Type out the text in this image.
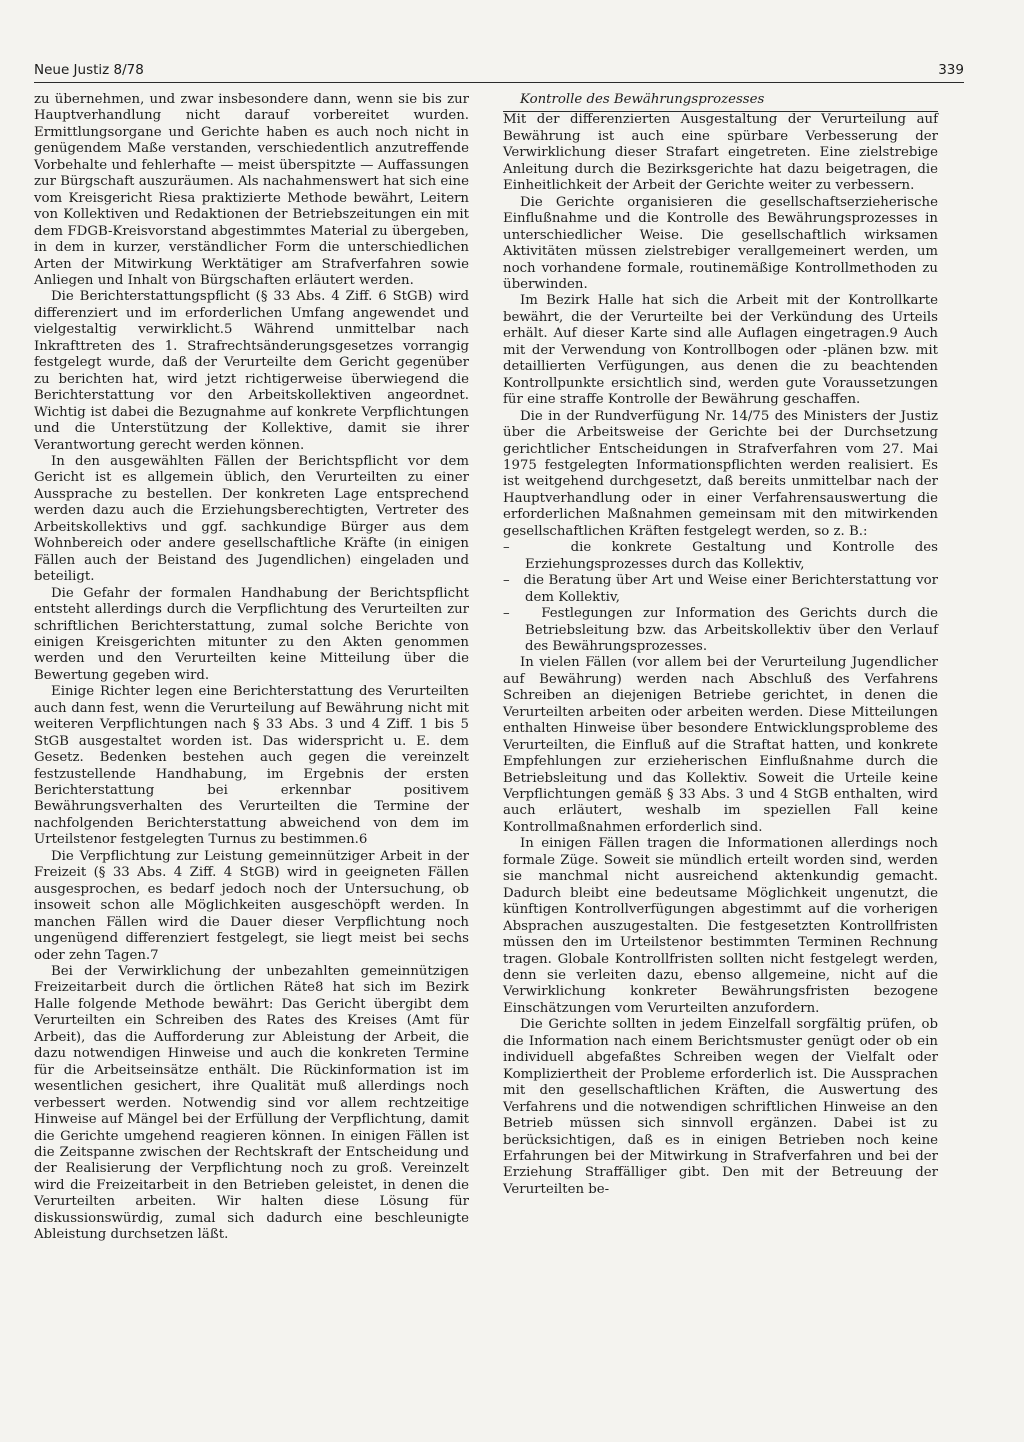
Neue Justiz 8/78	339

zu übernehmen, und zwar insbesondere dann, wenn sie bis zur Hauptverhandlung nicht darauf vorbereitet wurden. Ermittlungsorgane und Gerichte haben es auch noch nicht in genügendem Maße verstanden, verschiedentlich anzutreffende Vorbehalte und fehlerhafte — meist überspitzte — Auffassungen zur Bürgschaft auszuräumen. Als nachahmenswert hat sich eine vom Kreisgericht Riesa praktizierte Methode bewährt, Leitern von Kollektiven und Redaktionen der Betriebszeitungen ein mit dem FDGB-Kreisvorstand abgestimmtes Material zu übergeben, in dem in kurzer, verständlicher Form die unterschiedlichen Arten der Mitwirkung Werktätiger am Strafverfahren sowie Anliegen und Inhalt von Bürgschaften erläutert werden.

Die Berichterstattungspflicht (§ 33 Abs. 4 Ziff. 6 StGB) wird differenziert und im erforderlichen Umfang angewendet und vielgestaltig verwirklicht.5 Während unmittelbar nach Inkrafttreten des 1. Strafrechtsänderungsgesetzes vorrangig festgelegt wurde, daß der Verurteilte dem Gericht gegenüber zu berichten hat, wird jetzt richtigerweise überwiegend die Berichterstattung vor den Arbeitskollektiven angeordnet. Wichtig ist dabei die Bezugnahme auf konkrete Verpflichtungen und die Unterstützung der Kollektive, damit sie ihrer Verantwortung gerecht werden können.

In den ausgewählten Fällen der Berichtspflicht vor dem Gericht ist es allgemein üblich, den Verurteilten zu einer Aussprache zu bestellen. Der konkreten Lage entsprechend werden dazu auch die Erziehungsberechtigten, Vertreter des Arbeitskollektivs und ggf. sachkundige Bürger aus dem Wohnbereich oder andere gesellschaftliche Kräfte (in einigen Fällen auch der Beistand des Jugendlichen) eingeladen und beteiligt.

Die Gefahr der formalen Handhabung der Berichtspflicht entsteht allerdings durch die Verpflichtung des Verurteilten zur schriftlichen Berichterstattung, zumal solche Berichte von einigen Kreisgerichten mitunter zu den Akten genommen werden und den Verurteilten keine Mitteilung über die Bewertung gegeben wird.

Einige Richter legen eine Berichterstattung des Verurteilten auch dann fest, wenn die Verurteilung auf Bewährung nicht mit weiteren Verpflichtungen nach § 33 Abs. 3 und 4 Ziff. 1 bis 5 StGB ausgestaltet worden ist. Das widerspricht u. E. dem Gesetz. Bedenken bestehen auch gegen die vereinzelt festzustellende Handhabung, im Ergebnis der ersten Berichterstattung bei erkennbar positivem Bewährungsverhalten des Verurteilten die Termine der nachfolgenden Berichterstattung abweichend von dem im Urteilstenor festgelegten Turnus zu bestimmen.6

Die Verpflichtung zur Leistung gemeinnütziger Arbeit in der Freizeit (§ 33 Abs. 4 Ziff. 4 StGB) wird in geeigneten Fällen ausgesprochen, es bedarf jedoch noch der Untersuchung, ob insoweit schon alle Möglichkeiten ausgeschöpft werden. In manchen Fällen wird die Dauer dieser Verpflichtung noch ungenügend differenziert festgelegt, sie liegt meist bei sechs oder zehn Tagen.7

Bei der Verwirklichung der unbezahlten gemeinnützigen Freizeitarbeit durch die örtlichen Räte8 hat sich im Bezirk Halle folgende Methode bewährt: Das Gericht übergibt dem Verurteilten ein Schreiben des Rates des Kreises (Amt für Arbeit), das die Aufforderung zur Ableistung der Arbeit, die dazu notwendigen Hinweise und auch die konkreten Termine für die Arbeitseinsätze enthält. Die Rückinformation ist im wesentlichen gesichert, ihre Qualität muß allerdings noch verbessert werden. Notwendig sind vor allem rechtzeitige Hinweise auf Mängel bei der Erfüllung der Verpflichtung, damit die Gerichte umgehend reagieren können. In einigen Fällen ist die Zeitspanne zwischen der Rechtskraft der Entscheidung und der Realisierung der Verpflichtung noch zu groß. Vereinzelt wird die Freizeitarbeit in den Betrieben geleistet, in denen die Verurteilten arbeiten. Wir halten diese Lösung für diskussionswürdig, zumal sich dadurch eine beschleunigte Ableistung durchsetzen läßt.

Kontrolle des Bewährungsprozesses

Mit der differenzierten Ausgestaltung der Verurteilung auf Bewährung ist auch eine spürbare Verbesserung der Verwirklichung dieser Strafart eingetreten. Eine zielstrebige Anleitung durch die Bezirksgerichte hat dazu beigetragen, die Einheitlichkeit der Arbeit der Gerichte weiter zu verbessern.

Die Gerichte organisieren die gesellschaftserzieherische Einflußnahme und die Kontrolle des Bewährungsprozesses in unterschiedlicher Weise. Die gesellschaftlich wirksamen Aktivitäten müssen zielstrebiger verallgemeinert werden, um noch vorhandene formale, routinemäßige Kontrollmethoden zu überwinden.

Im Bezirk Halle hat sich die Arbeit mit der Kontrollkarte bewährt, die der Verurteilte bei der Verkündung des Urteils erhält. Auf dieser Karte sind alle Auflagen eingetragen.9 Auch mit der Verwendung von Kontrollbogen oder -plänen bzw. mit detaillierten Verfügungen, aus denen die zu beachtenden Kontrollpunkte ersichtlich sind, werden gute Voraussetzungen für eine straffe Kontrolle der Bewährung geschaffen.

Die in der Rundverfügung Nr. 14/75 des Ministers der Justiz über die Arbeitsweise der Gerichte bei der Durchsetzung gerichtlicher Entscheidungen in Strafverfahren vom 27. Mai 1975 festgelegten Informationspflichten werden realisiert. Es ist weitgehend durchgesetzt, daß bereits unmittelbar nach der Hauptverhandlung oder in einer Verfahrensauswertung die erforderlichen Maßnahmen gemeinsam mit den mitwirkenden gesellschaftlichen Kräften festgelegt werden, so z. B.:

–   die konkrete Gestaltung und Kontrolle des Erziehungsprozesses durch das Kollektiv,
–   die Beratung über Art und Weise einer Berichterstattung vor dem Kollektiv,
–   Festlegungen zur Information des Gerichts durch die Betriebsleitung bzw. das Arbeitskollektiv über den Verlauf des Bewährungsprozesses.

In vielen Fällen (vor allem bei der Verurteilung Jugendlicher auf Bewährung) werden nach Abschluß des Verfahrens Schreiben an diejenigen Betriebe gerichtet, in denen die Verurteilten arbeiten oder arbeiten werden. Diese Mitteilungen enthalten Hinweise über besondere Entwicklungsprobleme des Verurteilten, die Einfluß auf die Straftat hatten, und konkrete Empfehlungen zur erzieherischen Einflußnahme durch die Betriebsleitung und das Kollektiv. Soweit die Urteile keine Verpflichtungen gemäß § 33 Abs. 3 und 4 StGB enthalten, wird auch erläutert, weshalb im speziellen Fall keine Kontrollmaßnahmen erforderlich sind.

In einigen Fällen tragen die Informationen allerdings noch formale Züge. Soweit sie mündlich erteilt worden sind, werden sie manchmal nicht ausreichend aktenkundig gemacht. Dadurch bleibt eine bedeutsame Möglichkeit ungenutzt, die künftigen Kontrollverfügungen abgestimmt auf die vorherigen Absprachen auszugestalten. Die festgesetzten Kontrollfristen müssen den im Urteilstenor bestimmten Terminen Rechnung tragen. Globale Kontrollfristen sollten nicht festgelegt werden, denn sie verleiten dazu, ebenso allgemeine, nicht auf die Verwirklichung konkreter Bewährungsfristen bezogene Einschätzungen vom Verurteilten anzufordern.

Die Gerichte sollten in jedem Einzelfall sorgfältig prüfen, ob die Information nach einem Berichtsmuster genügt oder ob ein individuell abgefaßtes Schreiben wegen der Vielfalt oder Kompliziertheit der Probleme erforderlich ist. Die Aussprachen mit den gesellschaftlichen Kräften, die Auswertung des Verfahrens und die notwendigen schriftlichen Hinweise an den Betrieb müssen sich sinnvoll ergänzen. Dabei ist zu berücksichtigen, daß es in einigen Betrieben noch keine Erfahrungen bei der Mitwirkung in Strafverfahren und bei der Erziehung Straffälliger gibt. Den mit der Betreuung der Verurteilten be-
